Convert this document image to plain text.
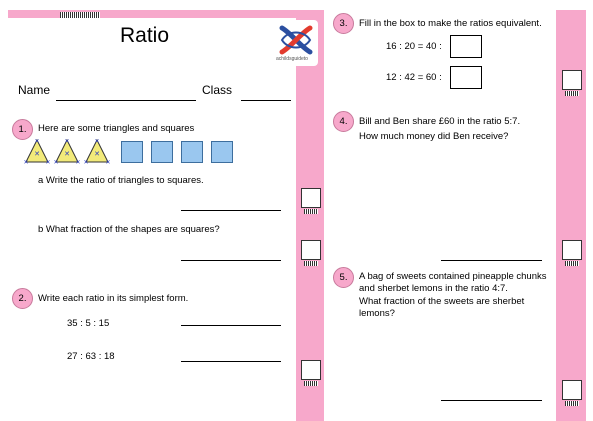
Ratio
achildsguideto
Name	Class
1.	Here are some triangles and squares
✕
✕	✕
✕
✕
✕	✕
✕
✕
✕	✕
✕
a Write the ratio of triangles to squares.
b What fraction of the shapes are squares?
2.	Write each ratio in its simplest form.
35 : 5 : 15
27 : 63 : 18
3.	Fill in the box to make the ratios equivalent.
16 : 20 = 40 :
12 : 42 = 60 :
4.	Bill and Ben share £60 in the ratio 5:7.
How much money did Ben receive?
5.	A bag of sweets contained pineapple chunks and sherbet lemons in the ratio 4:7.
What fraction of the sweets are sherbet lemons?
